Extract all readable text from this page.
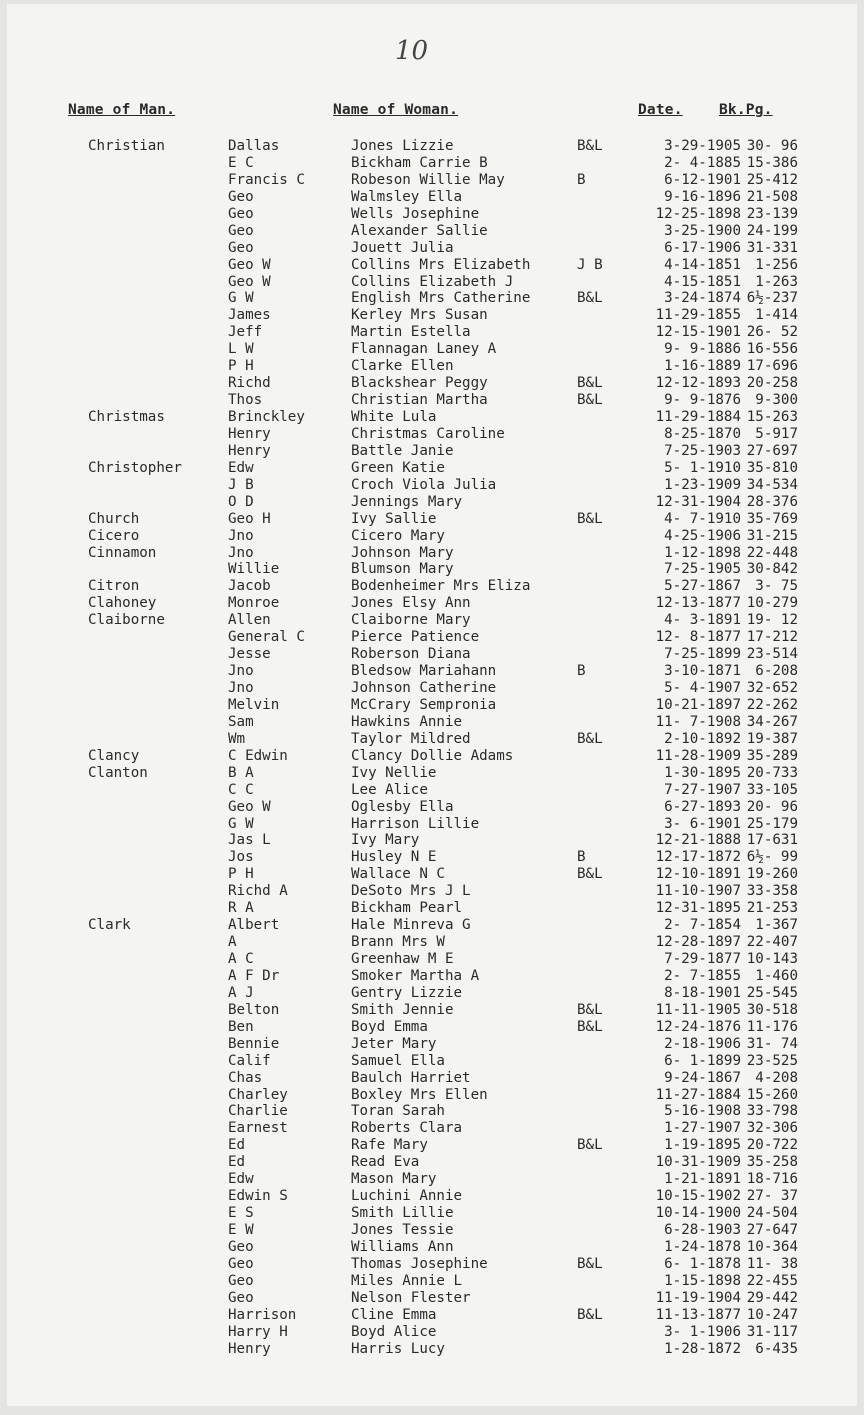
10
Name of Man.	Name of Woman.	Date.	Bk.Pg.
Christian	Dallas	Jones Lizzie	B&L	3-29-1905 30- 96
E C	Bickham Carrie B	2- 4-1885 15-386
Francis C	Robeson Willie May	B	6-12-1901 25-412
Geo	Walmsley Ella	9-16-1896 21-508
Geo	Wells Josephine	12-25-1898 23-139
Geo	Alexander Sallie	3-25-1900 24-199
Geo	Jouett Julia	6-17-1906 31-331
Geo W	Collins Mrs Elizabeth	J B	4-14-1851	1-256
Geo W	Collins Elizabeth J	4-15-1851	1-263
G W	English Mrs Catherine	B&L	3-24-1874 6½-237
James	Kerley Mrs Susan	11-29-1855	1-414
Jeff	Martin Estella	12-15-1901 26- 52
L W	Flannagan Laney A	9- 9-1886 16-556
P H	Clarke Ellen	1-16-1889 17-696
Richd	Blackshear Peggy	B&L	12-12-1893 20-258
Thos	Christian Martha	B&L	9- 9-1876	9-300
Christmas	Brinckley	White Lula	11-29-1884 15-263
Henry	Christmas Caroline	8-25-1870	5-917
Henry	Battle Janie	7-25-1903 27-697
Christopher	Edw	Green Katie	5- 1-1910 35-810
J B	Croch Viola Julia	1-23-1909 34-534
O D	Jennings Mary	12-31-1904 28-376
Church	Geo H	Ivy Sallie	B&L	4- 7-1910 35-769
Cicero	Jno	Cicero Mary	4-25-1906 31-215
Cinnamon	Jno	Johnson Mary	1-12-1898 22-448
Willie	Blumson Mary	7-25-1905 30-842
Citron	Jacob	Bodenheimer Mrs Eliza	5-27-1867	3- 75
Clahoney	Monroe	Jones Elsy Ann	12-13-1877 10-279
Claiborne	Allen	Claiborne Mary	4- 3-1891 19- 12
General C	Pierce Patience	12- 8-1877 17-212
Jesse	Roberson Diana	7-25-1899 23-514
Jno	Bledsow Mariahann	B	3-10-1871	6-208
Jno	Johnson Catherine	5- 4-1907 32-652
Melvin	McCrary Sempronia	10-21-1897 22-262
Sam	Hawkins Annie	11- 7-1908 34-267
Wm	Taylor Mildred	B&L	2-10-1892 19-387
Clancy	C Edwin	Clancy Dollie Adams	11-28-1909 35-289
Clanton	B A	Ivy Nellie	1-30-1895 20-733
C C	Lee Alice	7-27-1907 33-105
Geo W	Oglesby Ella	6-27-1893 20- 96
G W	Harrison Lillie	3- 6-1901 25-179
Jas L	Ivy Mary	12-21-1888 17-631
Jos	Husley N E	B	12-17-1872 6½- 99
P H	Wallace N C	B&L	12-10-1891 19-260
Richd A	DeSoto Mrs J L	11-10-1907 33-358
R A	Bickham Pearl	12-31-1895 21-253
Clark	Albert	Hale Minreva G	2- 7-1854	1-367
A	Brann Mrs W	12-28-1897 22-407
A C	Greenhaw M E	7-29-1877 10-143
A F Dr	Smoker Martha A	2- 7-1855	1-460
A J	Gentry Lizzie	8-18-1901 25-545
Belton	Smith Jennie	B&L	11-11-1905 30-518
Ben	Boyd Emma	B&L	12-24-1876 11-176
Bennie	Jeter Mary	2-18-1906 31- 74
Calif	Samuel Ella	6- 1-1899 23-525
Chas	Baulch Harriet	9-24-1867	4-208
Charley	Boxley Mrs Ellen	11-27-1884 15-260
Charlie	Toran Sarah	5-16-1908 33-798
Earnest	Roberts Clara	1-27-1907 32-306
Ed	Rafe Mary	B&L	1-19-1895 20-722
Ed	Read Eva	10-31-1909 35-258
Edw	Mason Mary	1-21-1891 18-716
Edwin S	Luchini Annie	10-15-1902 27- 37
E S	Smith Lillie	10-14-1900 24-504
E W	Jones Tessie	6-28-1903 27-647
Geo	Williams Ann	1-24-1878 10-364
Geo	Thomas Josephine	B&L	6- 1-1878 11- 38
Geo	Miles Annie L	1-15-1898 22-455
Geo	Nelson Flester	11-19-1904 29-442
Harrison	Cline Emma	B&L	11-13-1877 10-247
Harry H	Boyd Alice	3- 1-1906 31-117
Henry	Harris Lucy	1-28-1872	6-435
